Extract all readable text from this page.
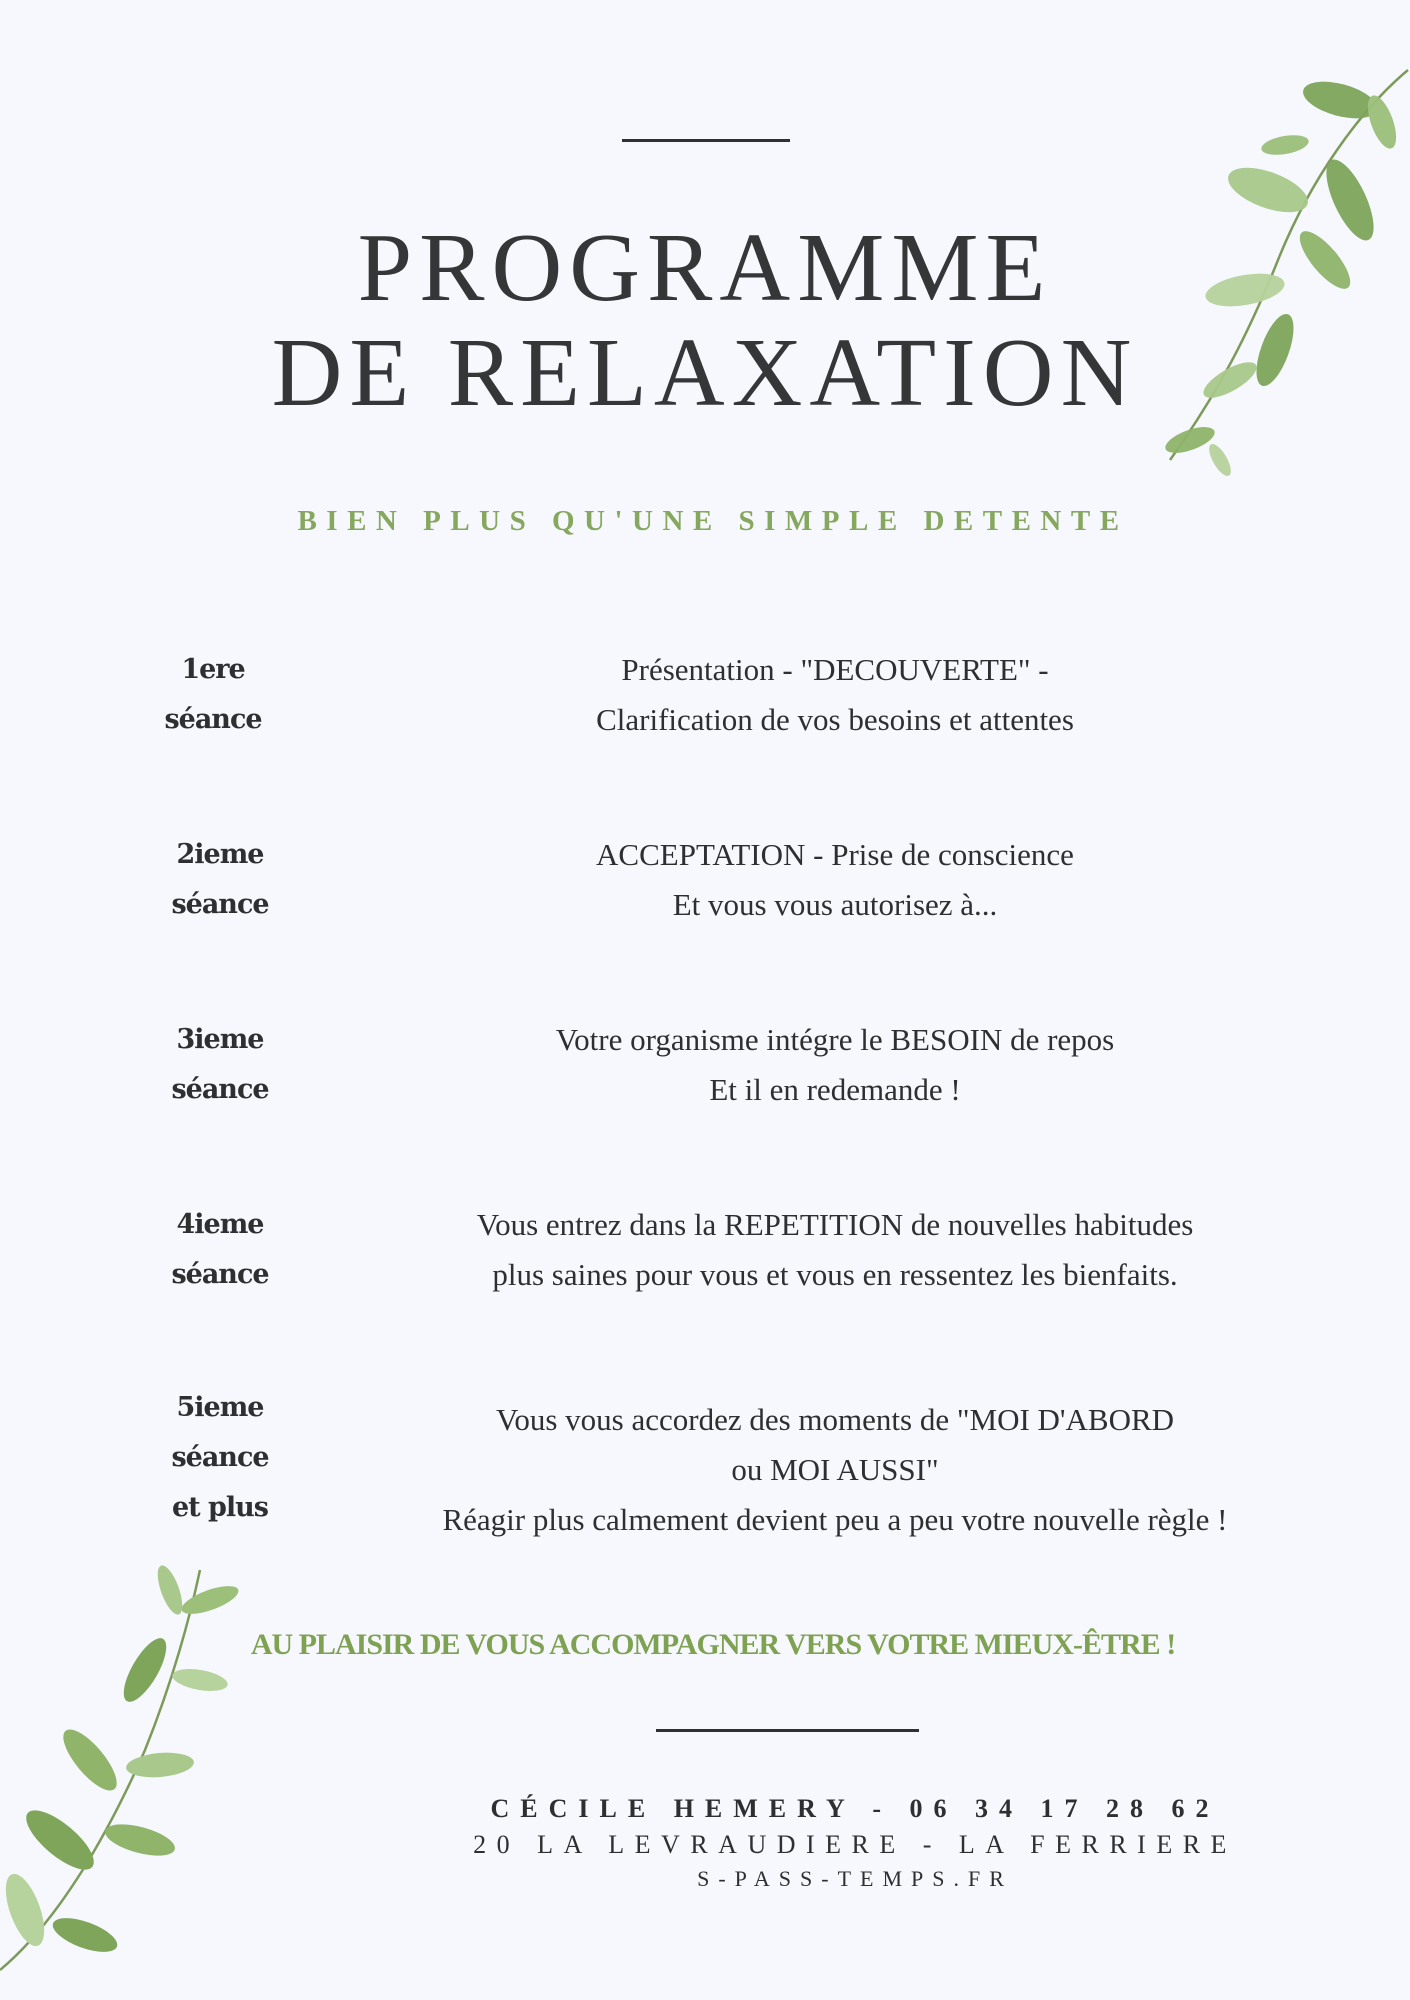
PROGRAMME
DE RELAXATION
BIEN PLUS QU'UNE SIMPLE DETENTE
1ere
séance
Présentation - "DECOUVERTE" -
Clarification de vos besoins et attentes
2ieme
séance
ACCEPTATION - Prise de conscience
Et vous vous autorisez à...
3ieme
séance
Votre organisme intégre le BESOIN de repos
Et il en redemande !
4ieme
séance
Vous entrez dans la REPETITION de nouvelles habitudes
plus saines pour vous et vous en ressentez les bienfaits.
5ieme
séance
et plus
Vous vous accordez des moments de "MOI D'ABORD
ou MOI AUSSI"
Réagir plus calmement devient peu a peu votre nouvelle règle !
AU PLAISIR DE VOUS ACCOMPAGNER VERS VOTRE MIEUX-ÊTRE !
CÉCILE HEMERY - 06 34 17 28 62
20 LA LEVRAUDIERE - LA FERRIERE
S-PASS-TEMPS.FR
